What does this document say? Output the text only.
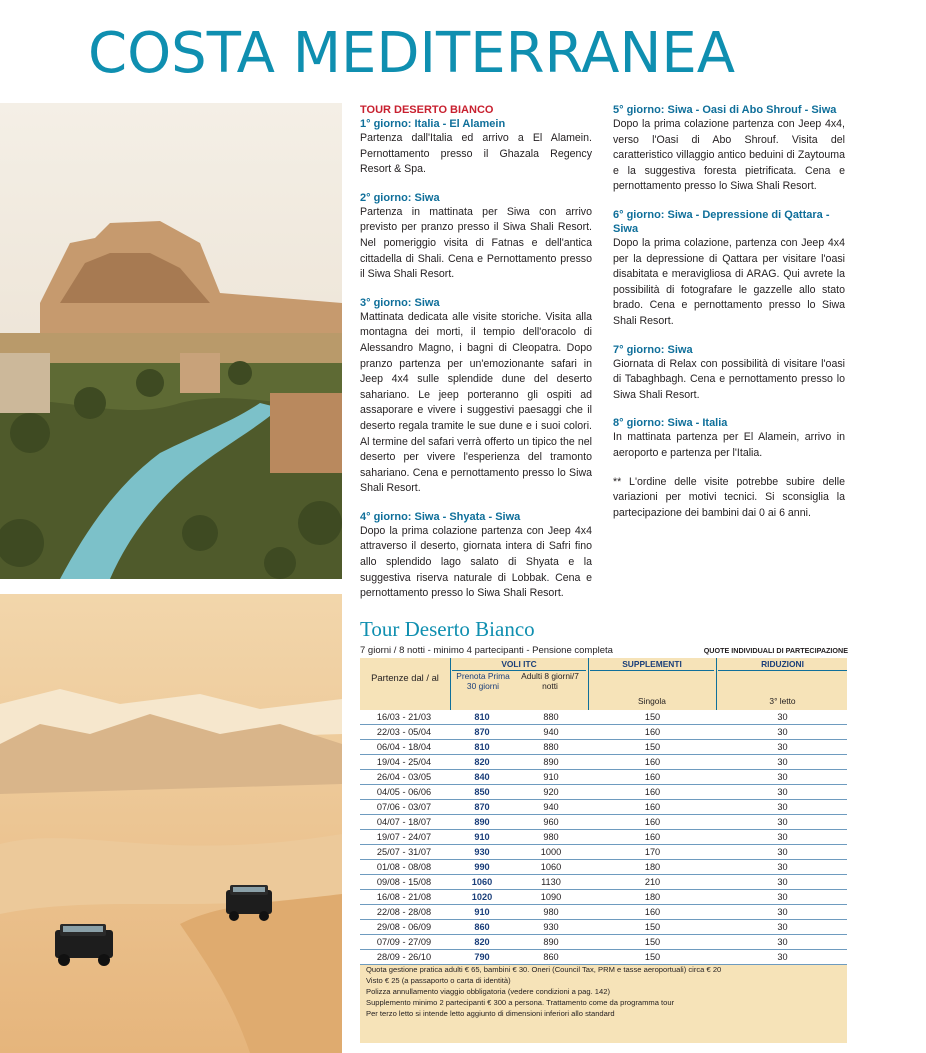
COSTA MEDITERRANEA
TOUR DESERTO BIANCO
1° giorno: Italia - El Alamein
Partenza dall'Italia ed arrivo a El Alamein. Pernottamento presso il Ghazala Regency Resort & Spa.
2° giorno: Siwa
Partenza in mattinata per Siwa con arrivo previsto per pranzo presso il Siwa Shali Resort. Nel pomeriggio visita di Fatnas e dell'antica cittadella di Shali. Cena e Pernottamento presso il Siwa Shali Resort.
3° giorno: Siwa
Mattinata dedicata alle visite storiche. Visita alla montagna dei morti, il tempio dell'oracolo di Alessandro Magno, i bagni di Cleopatra. Dopo pranzo partenza per un'emozionante safari in Jeep 4x4 sulle splendide dune del deserto sahariano. Le jeep porteranno gli ospiti ad assaporare e vivere i suggestivi paesaggi che il deserto regala tramite le sue dune e i suoi colori. Al termine del safari verrà offerto un tipico the nel deserto per vivere l'esperienza del tramonto sahariano. Cena e pernottamento presso lo Siwa Shali Resort.
4° giorno: Siwa - Shyata - Siwa
Dopo la prima colazione partenza con Jeep 4x4 attraverso il deserto, giornata intera di Safri fino allo splendido lago salato di Shyata e la suggestiva riserva naturale di Lobbak. Cena e pernottamento presso lo Siwa Shali Resort.
5° giorno: Siwa - Oasi di Abo Shrouf - Siwa
Dopo la prima colazione partenza con Jeep 4x4, verso l'Oasi di Abo Shrouf. Visita del caratteristico villaggio antico beduini di Zaytouma e la suggestiva foresta pietrificata. Cena e pernottamento presso lo Siwa Shali Resort.
6° giorno: Siwa - Depressione di Qattara - Siwa
Dopo la prima colazione, partenza con Jeep 4x4 per la depressione di Qattara per visitare l'oasi disabitata e meravigliosa di ARAG. Qui avrete la possibilità di fotografare le gazzelle allo stato brado. Cena e pernottamento presso lo Siwa Shali Resort.
7° giorno: Siwa
Giornata di Relax con possibilità di visitare l'oasi di Tabaghbagh. Cena e pernottamento presso lo Siwa Shali Resort.
8° giorno: Siwa - Italia
In mattinata partenza per El Alamein, arrivo in aeroporto e partenza per l'Italia.
** L'ordine delle visite potrebbe subire delle variazioni per motivi tecnici. Si sconsiglia la partecipazione dei bambini dai 0 ai 6 anni.
Tour Deserto Bianco
7 giorni / 8 notti - minimo 4 partecipanti - Pensione completa	QUOTE INDIVIDUALI DI PARTECIPAZIONE
VOLI ITC	SUPPLEMENTI	RIDUZIONI
Partenze dal / al	Prenota Prima 30 giorni
Adulti 8 giorni/7 notti
Singola	3° letto
16/03 - 21/03	810	880	150	30
22/03 - 05/04	870	940	160	30
06/04 - 18/04	810	880	150	30
19/04 - 25/04	820	890	160	30
26/04 - 03/05	840	910	160	30
04/05 - 06/06	850	920	160	30
07/06 - 03/07	870	940	160	30
04/07 - 18/07	890	960	160	30
19/07 - 24/07	910	980	160	30
25/07 - 31/07	930	1000	170	30
01/08 - 08/08	990	1060	180	30
09/08 - 15/08	1060	1130	210	30
16/08 - 21/08	1020	1090	180	30
22/08 - 28/08	910	980	160	30
29/08 - 06/09	860	930	150	30
07/09 - 27/09	820	890	150	30
28/09 - 26/10	790	860	150	30
Quota gestione pratica adulti € 65, bambini € 30. Oneri (Council Tax, PRM e tasse aeroportuali) circa € 20
Visto € 25 (a passaporto o carta di identità)
Polizza annullamento viaggio obbligatoria (vedere condizioni a pag. 142)
Supplemento minimo 2 partecipanti € 300 a persona. Trattamento come da programma tour
Per terzo letto si intende letto aggiunto di dimensioni inferiori allo standard
